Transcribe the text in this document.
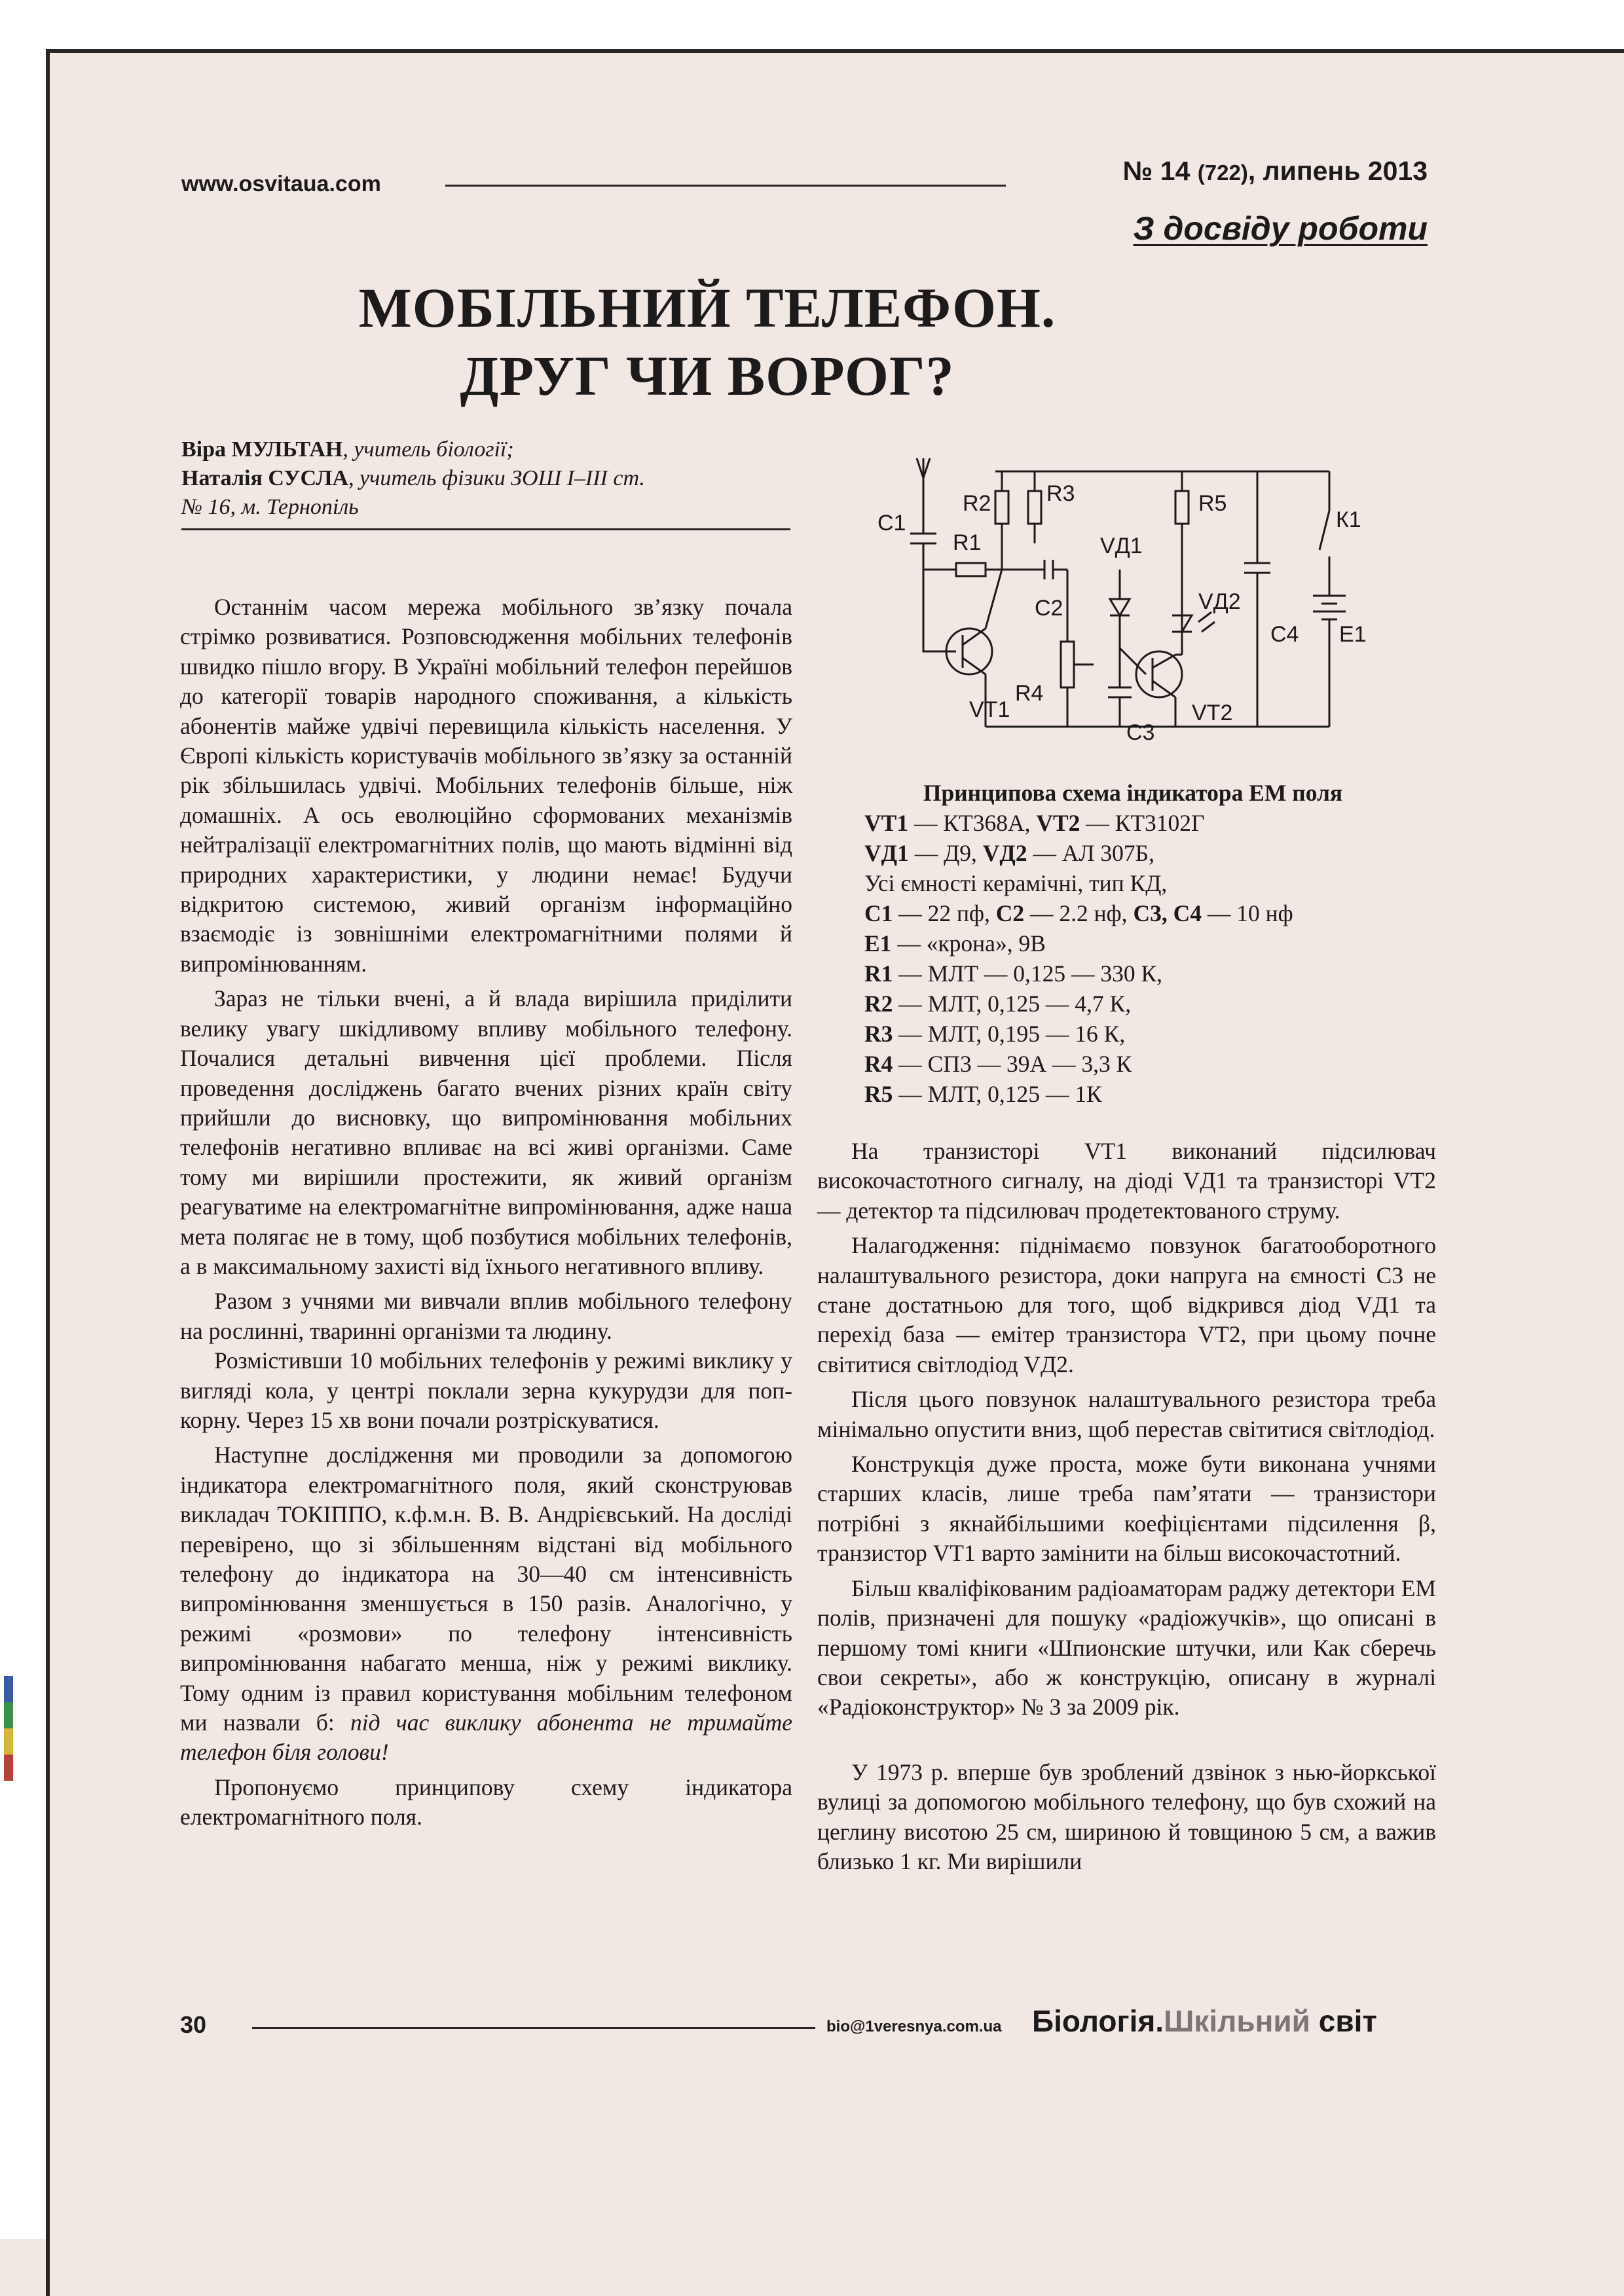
www.osvitaua.com	№ 14 (722), липень 2013
З досвіду роботи
МОБІЛЬНИЙ ТЕЛЕФОН.
ДРУГ ЧИ ВОРОГ?
Віра МУЛЬТАН, учитель біології;
Наталія СУСЛА, учитель фізики ЗОШ І–ІІІ ст.
№ 16, м. Тернопіль

Останнім часом мережа мобільного зв’язку почала стрімко розвиватися. Розповсюдження мобільних телефонів швидко пішло вгору. В Україні мобільний телефон перейшов до категорії товарів народного споживання, а кількість абонентів майже удвічі перевищила кількість населення. У Європі кількість користувачів мобільного зв’язку за останній рік збільшилась удвічі. Мобільних телефонів більше, ніж домашніх. А ось еволюційно сформованих механізмів нейтралізації електромагнітних полів, що мають відмінні від природних характеристики, у людини немає! Будучи відкритою системою, живий організм інформаційно взаємодіє із зовнішніми електромагнітними полями й випромінюванням.

Зараз не тільки вчені, а й влада вирішила приділити велику увагу шкідливому впливу мобільного телефону. Почалися детальні вивчення цієї проблеми. Після проведення досліджень багато вчених різних країн світу прийшли до висновку, що випромінювання мобільних телефонів негативно впливає на всі живі організми. Саме тому ми вирішили простежити, як живий організм реагуватиме на електромагнітне випромінювання, адже наша мета полягає не в тому, щоб позбутися мобільних телефонів, а в максимальному захисті від їхнього негативного впливу.

Разом з учнями ми вивчали вплив мобільного телефону на рослинні, тваринні організми та людину.

Розмістивши 10 мобільних телефонів у режимі виклику у вигляді кола, у центрі поклали зерна кукурудзи для поп-корну. Через 15 хв вони почали розтріскуватися.

Наступне дослідження ми проводили за допомогою індикатора електромагнітного поля, який сконструював викладач ТОКІППО, к.ф.м.н. В. В. Андрієвський. На досліді перевірено, що зі збільшенням відстані від мобільного телефону до індикатора на 30—40 см інтенсивність випромінювання зменшується в 150 разів. Аналогічно, у режимі «розмови» по телефону інтенсивність випромінювання набагато менша, ніж у режимі виклику. Тому одним із правил користування мобільним телефоном ми назвали б: під час виклику абонента не тримайте телефон біля голови!

Пропонуємо принципову схему індикатора електромагнітного поля.

С1
R1
R2 R3
VД1
R5
К1
С2	VД2
С4 Е1
VT1
R4
С3
VT2
Принципова схема індикатора ЕМ поля
VT1 — КТ368А, VT2 — КТ3102Г
VД1 — Д9, VД2 — АЛ 307Б,
Усі ємності керамічні, тип КД,
С1 — 22 пф, С2 — 2.2 нф, С3, С4 — 10 нф
Е1 — «крона», 9В
R1 — МЛТ — 0,125 — 330 К,
R2 — МЛТ, 0,125 — 4,7 К,
R3 — МЛТ, 0,195 — 16 К,
R4 — СП3 — 39А — 3,3 К
R5 — МЛТ, 0,125 — 1К

На транзисторі VT1 виконаний підсилювач високочастотного сигналу, на діоді VД1 та транзисторі VT2 — детектор та підсилювач продетектованого струму.

Налагодження: піднімаємо повзунок багатооборотного налаштувального резистора, доки напруга на ємності С3 не стане достатньою для того, щоб відкрився діод VД1 та перехід база — емітер транзистора VT2, при цьому почне світитися світлодіод VД2.

Після цього повзунок налаштувального резистора треба мінімально опустити вниз, щоб перестав світитися світлодіод.

Конструкція дуже проста, може бути виконана учнями старших класів, лише треба пам’ятати — транзистори потрібні з якнайбільшими коефіцієнтами підсилення β, транзистор VT1 варто замінити на більш високочастотний.

Більш кваліфікованим радіоаматорам раджу детектори ЕМ полів, призначені для пошуку «радіожучків», що описані в першому томі книги «Шпионские штучки, или Как сберечь свои секреты», або ж конструкцію, описану в журналі «Радіоконструктор» № 3 за 2009 рік.

У 1973 р. вперше був зроблений дзвінок з нью-йоркської вулиці за допомогою мобільного телефону, що був схожий на цеглину висотою 25 см, шириною й товщиною 5 см, а важив близько 1 кг. Ми вирішили

30	bio@1veresnya.com.ua Біологія.Шкільний світ
